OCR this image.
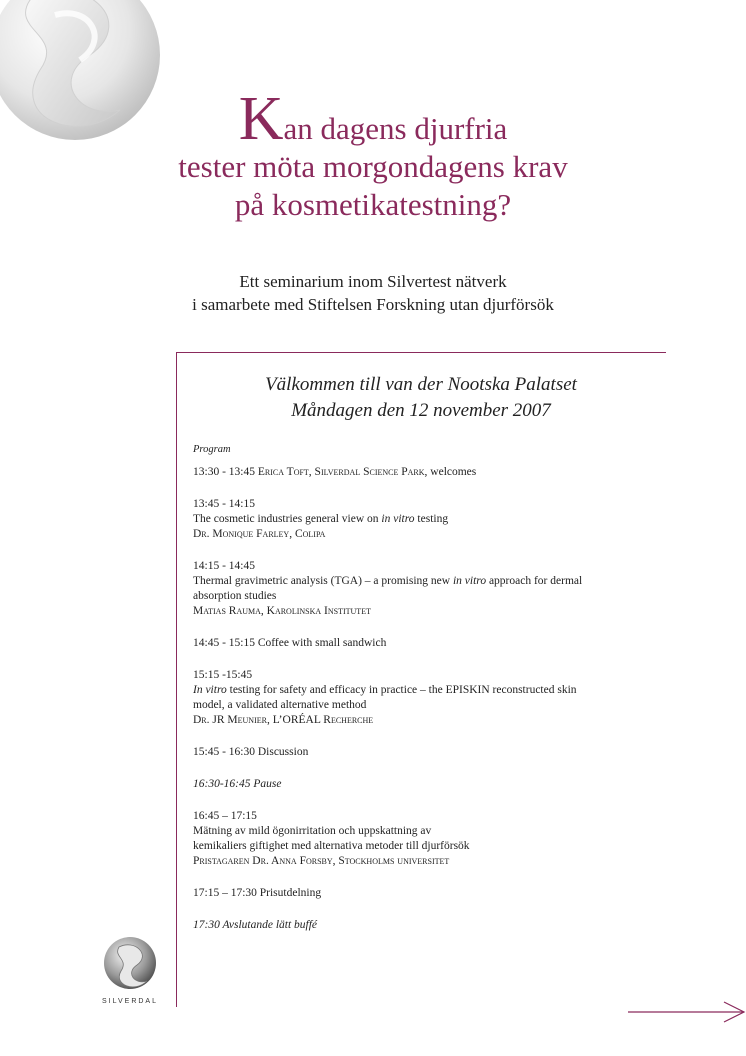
Kan dagens djurfria
tester möta morgondagens krav
på kosmetikatestning?
Ett seminarium inom Silvertest nätverk
i samarbete med Stiftelsen Forskning utan djurförsök
Välkommen till van der Nootska Palatset
Måndagen den 12 november 2007
Program
13:30 - 13:45 Erica Toft, Silverdal Science Park, welcomes
13:45 - 14:15
The cosmetic industries general view on in vitro testing
Dr. Monique Farley, Colipa
14:15 - 14:45
Thermal gravimetric analysis (TGA) – a promising new in vitro approach for dermal
absorption studies
Matias Rauma, Karolinska Institutet
14:45 - 15:15 Coffee with small sandwich
15:15 -15:45
In vitro testing for safety and efficacy in practice – the EPISKIN reconstructed skin
model, a validated alternative method
Dr. JR Meunier, L’ORÉAL Recherche
15:45 - 16:30 Discussion
16:30-16:45 Pause
16:45 – 17:15
Mätning av mild ögonirritation och uppskattning av
kemikaliers giftighet med alternativa metoder till djurförsök
Pristagaren Dr. Anna Forsby, Stockholms universitet
17:15 – 17:30 Prisutdelning
17:30 Avslutande lätt buffé
SILVERDAL
